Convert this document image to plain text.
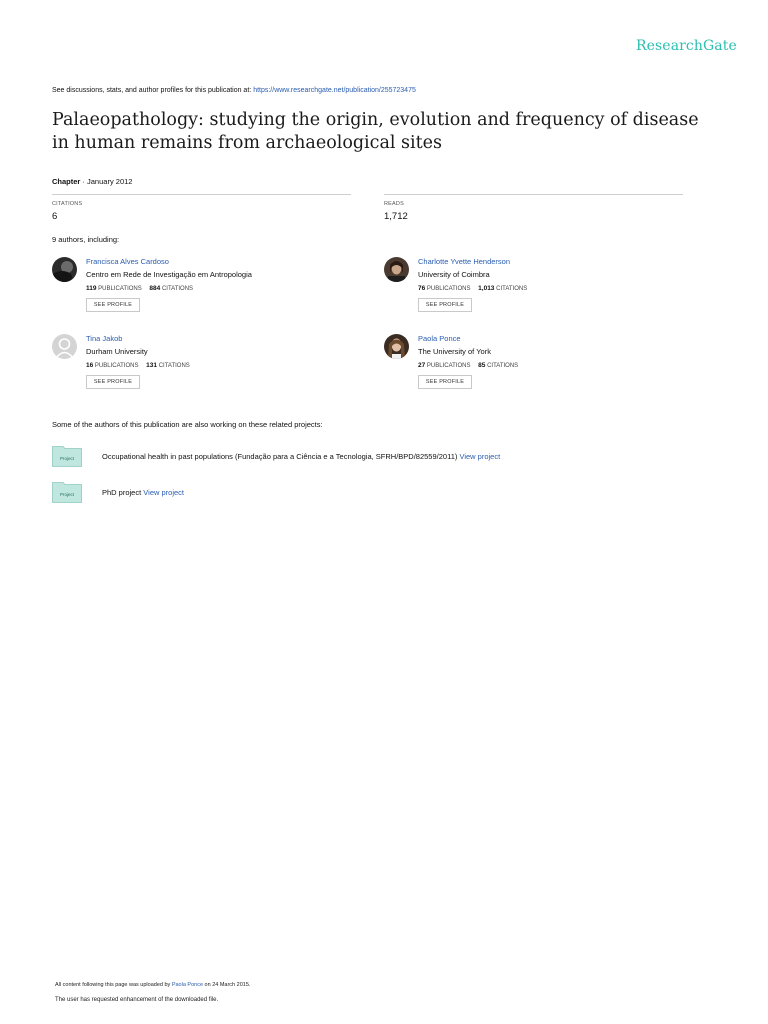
ResearchGate
See discussions, stats, and author profiles for this publication at: https://www.researchgate.net/publication/255723475
Palaeopathology: studying the origin, evolution and frequency of disease in human remains from archaeological sites
Chapter · January 2012
CITATIONS
6
READS
1,712
9 authors, including:
Francisca Alves Cardoso
Centro em Rede de Investigação em Antropologia
119 PUBLICATIONS 884 CITATIONS
SEE PROFILE
Charlotte Yvette Henderson
University of Coimbra
76 PUBLICATIONS 1,013 CITATIONS
SEE PROFILE
Tina Jakob
Durham University
16 PUBLICATIONS 131 CITATIONS
SEE PROFILE
Paola Ponce
The University of York
27 PUBLICATIONS 85 CITATIONS
SEE PROFILE
Some of the authors of this publication are also working on these related projects:
Project	Occupational health in past populations (Fundação para a Ciência e a Tecnologia, SFRH/BPD/82559/2011) View project
Project	PhD project View project
All content following this page was uploaded by Paola Ponce on 24 March 2015.
The user has requested enhancement of the downloaded file.
